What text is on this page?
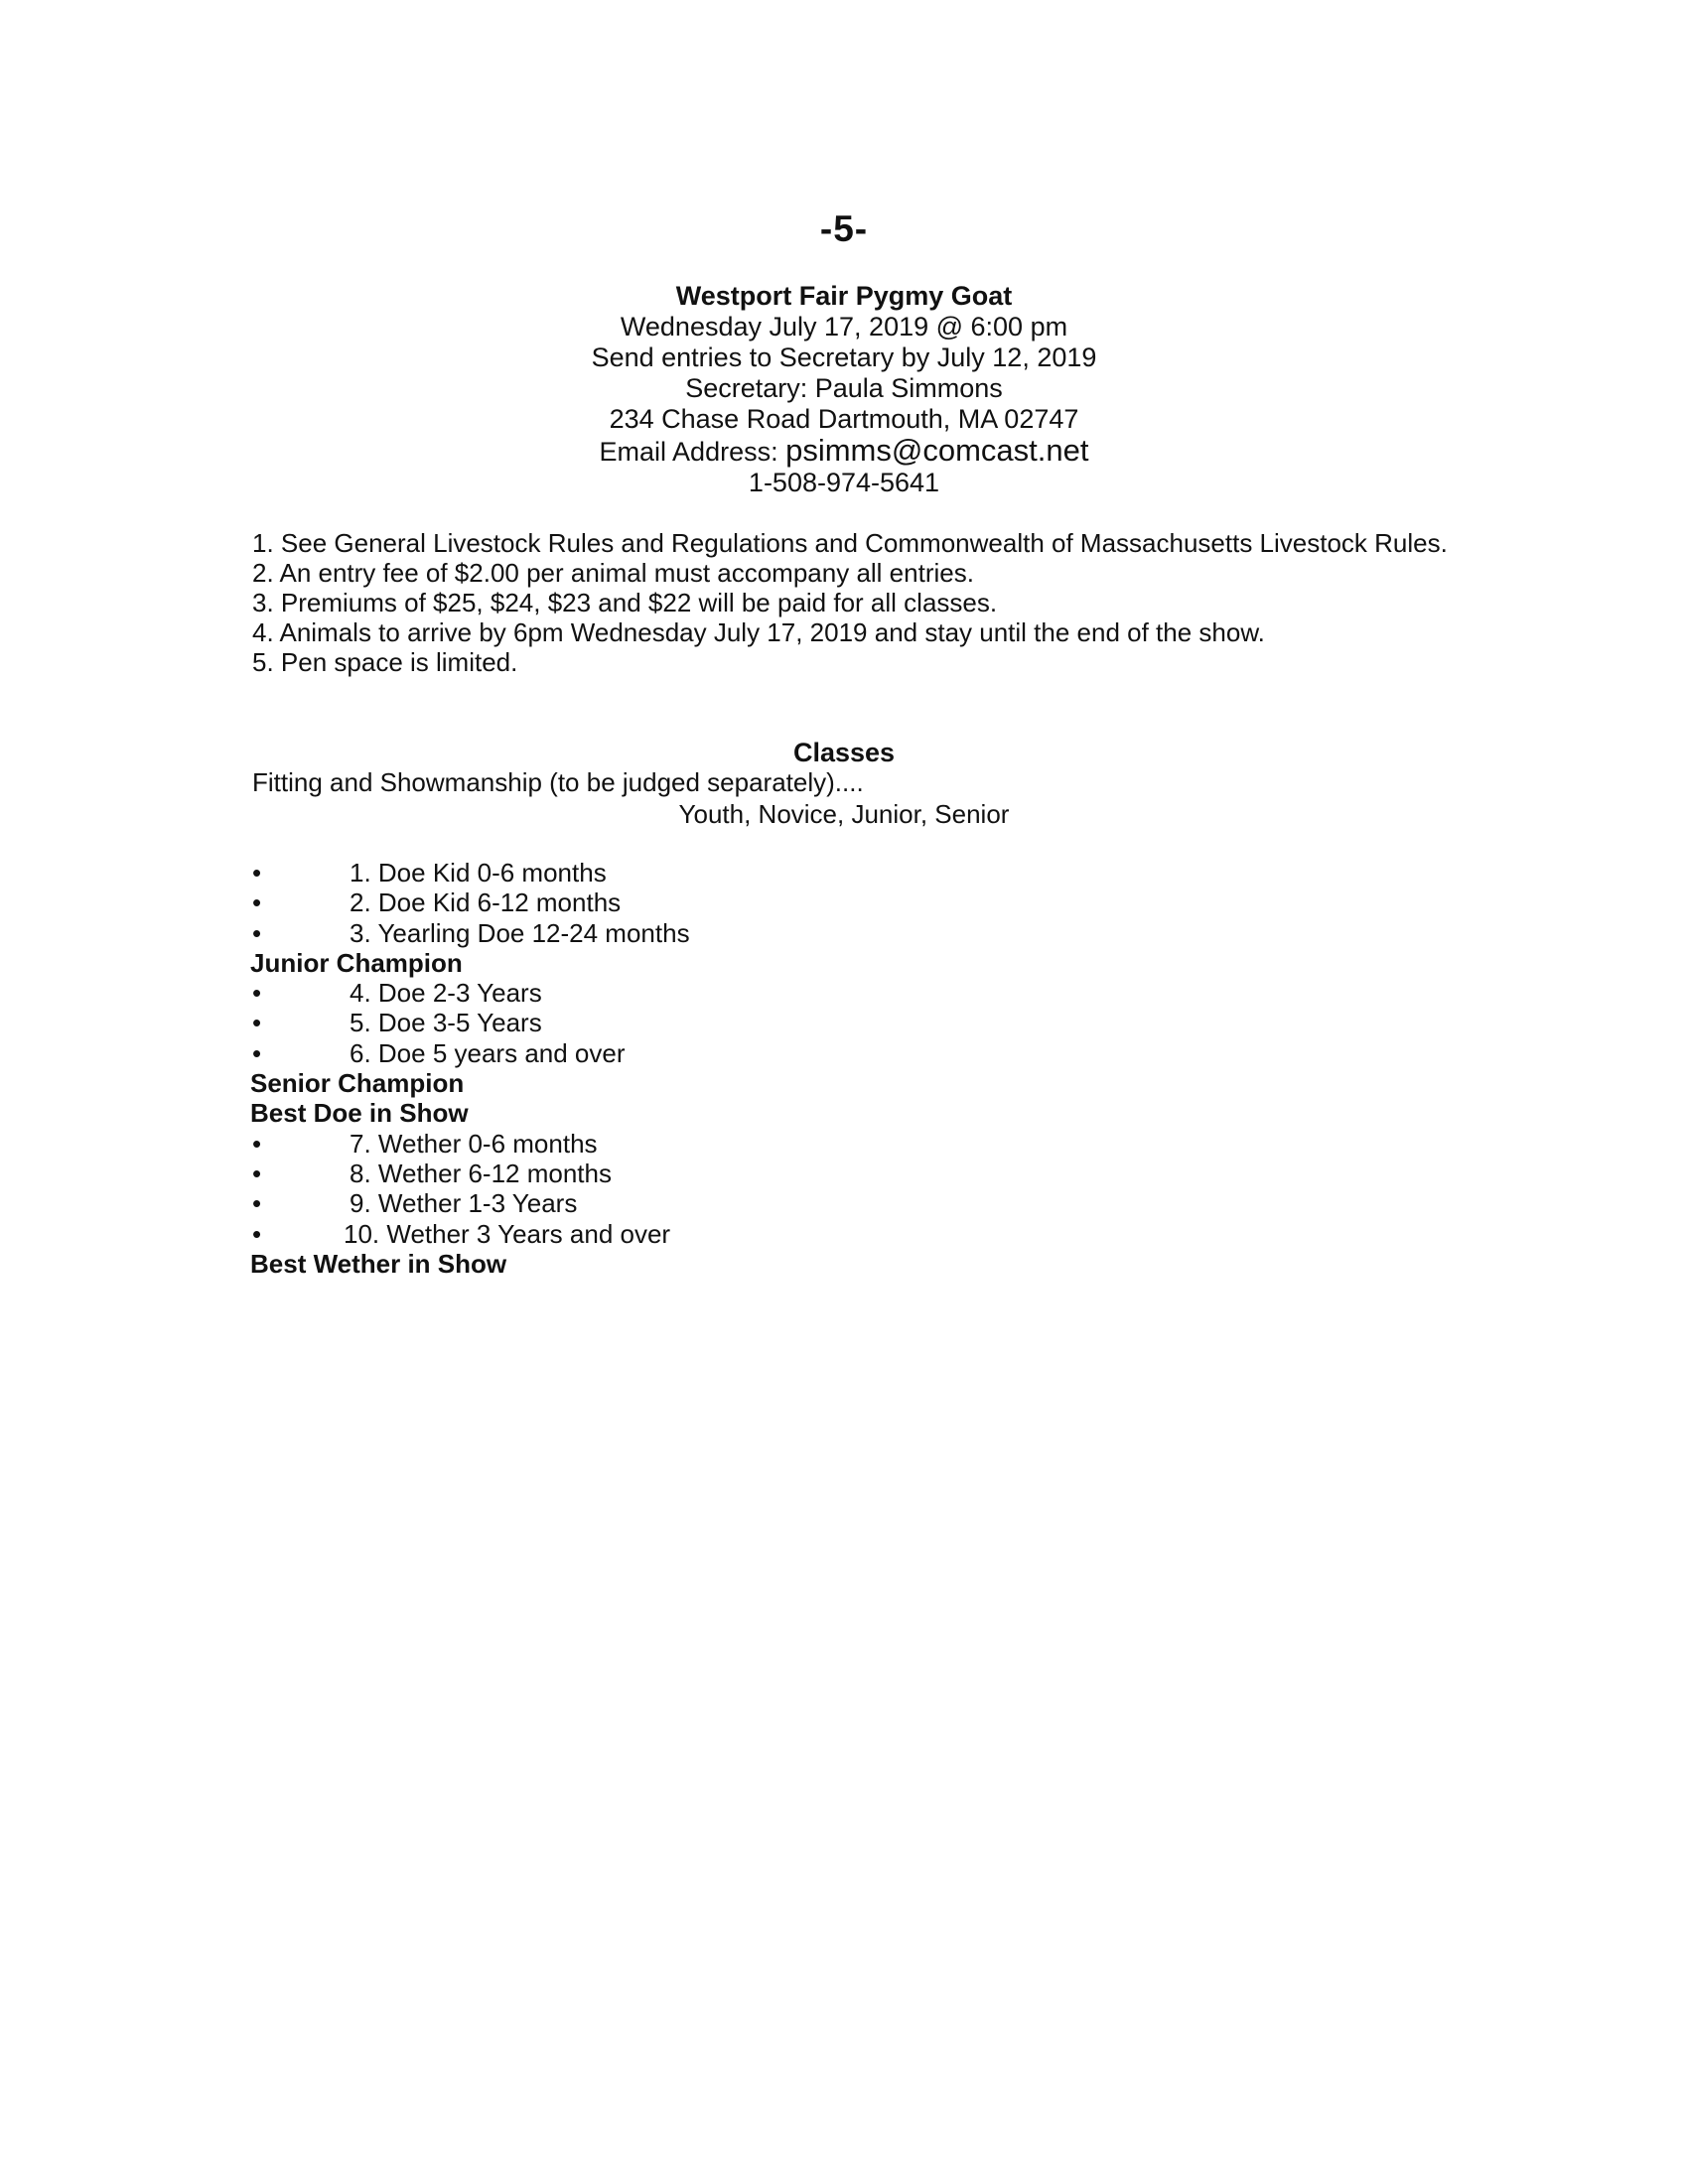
-5-
Westport Fair Pygmy Goat
Wednesday July 17, 2019 @ 6:00 pm
Send entries to Secretary by July 12, 2019
Secretary: Paula Simmons
234 Chase Road Dartmouth, MA 02747
Email Address: psimms@comcast.net
1-508-974-5641

1. See General Livestock Rules and Regulations and Commonwealth of Massachusetts Livestock Rules.

2. An entry fee of $2.00 per animal must accompany all entries.

3. Premiums of $25, $24, $23 and $22 will be paid for all classes.

4. Animals to arrive by 6pm Wednesday July 17, 2019 and stay until the end of the show.

5. Pen space is limited.

Classes
Fitting and Showmanship (to be judged separately)....
Youth, Novice, Junior, Senior
•	1. Doe Kid 0-6 months
•	2. Doe Kid 6-12 months
•	3. Yearling Doe 12-24 months
Junior Champion
•	4. Doe 2-3 Years
•	5. Doe 3-5 Years
•	6. Doe 5 years and over
Senior Champion
Best Doe in Show
•	7. Wether 0-6 months
•	8. Wether 6-12 months
•	9. Wether 1-3 Years
•	10. Wether 3 Years and over
Best Wether in Show
